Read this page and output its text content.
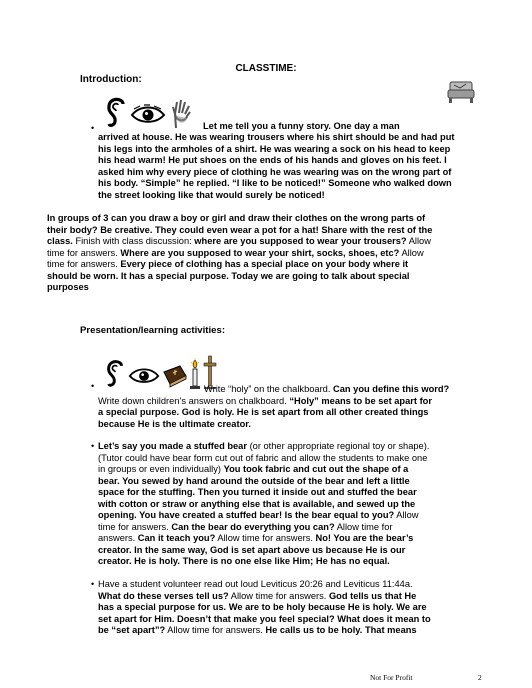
CLASSTIME:
Introduction:
•	Let me tell you a funny story. One day a man
arrived at house. He was wearing trousers where his shirt should be and had put
his legs into the armholes of a shirt. He was wearing a sock on his head to keep
his head warm! He put shoes on the ends of his hands and gloves on his feet. I
asked him why every piece of clothing he was wearing was on the wrong part of
his body. “Simple” he replied. “I like to be noticed!” Someone who walked down
the street looking like that would surely be noticed!
In groups of 3 can you draw a boy or girl and draw their clothes on the wrong parts of
their body? Be creative. They could even wear a pot for a hat! Share with the rest of the
class. Finish with class discussion: where are you supposed to wear your trousers? Allow
time for answers. Where are you supposed to wear your shirt, socks, shoes, etc? Allow
time for answers. Every piece of clothing has a special place on your body where it
should be worn. It has a special purpose. Today we are going to talk about special
purposes
Presentation/learning activities:
•	Write “holy” on the chalkboard. Can you define this word?
Write down children’s answers on chalkboard. “Holy” means to be set apart for
a special purpose. God is holy. He is set apart from all other created things
because He is the ultimate creator.
• Let’s say you made a stuffed bear (or other appropriate regional toy or shape).
(Tutor could have bear form cut out of fabric and allow the students to make one
in groups or even individually) You took fabric and cut out the shape of a
bear. You sewed by hand around the outside of the bear and left a little
space for the stuffing. Then you turned it inside out and stuffed the bear
with cotton or straw or anything else that is available, and sewed up the
opening. You have created a stuffed bear! Is the bear equal to you? Allow
time for answers. Can the bear do everything you can? Allow time for
answers. Can it teach you? Allow time for answers. No! You are the bear’s
creator. In the same way, God is set apart above us because He is our
creator. He is holy. There is no one else like Him; He has no equal.
• Have a student volunteer read out loud Leviticus 20:26 and Leviticus 11:44a.
What do these verses tell us? Allow time for answers. God tells us that He
has a special purpose for us. We are to be holy because He is holy. We are
set apart for Him. Doesn’t that make you feel special? What does it mean to
be “set apart”? Allow time for answers. He calls us to be holy. That means
Not For Profit	2
